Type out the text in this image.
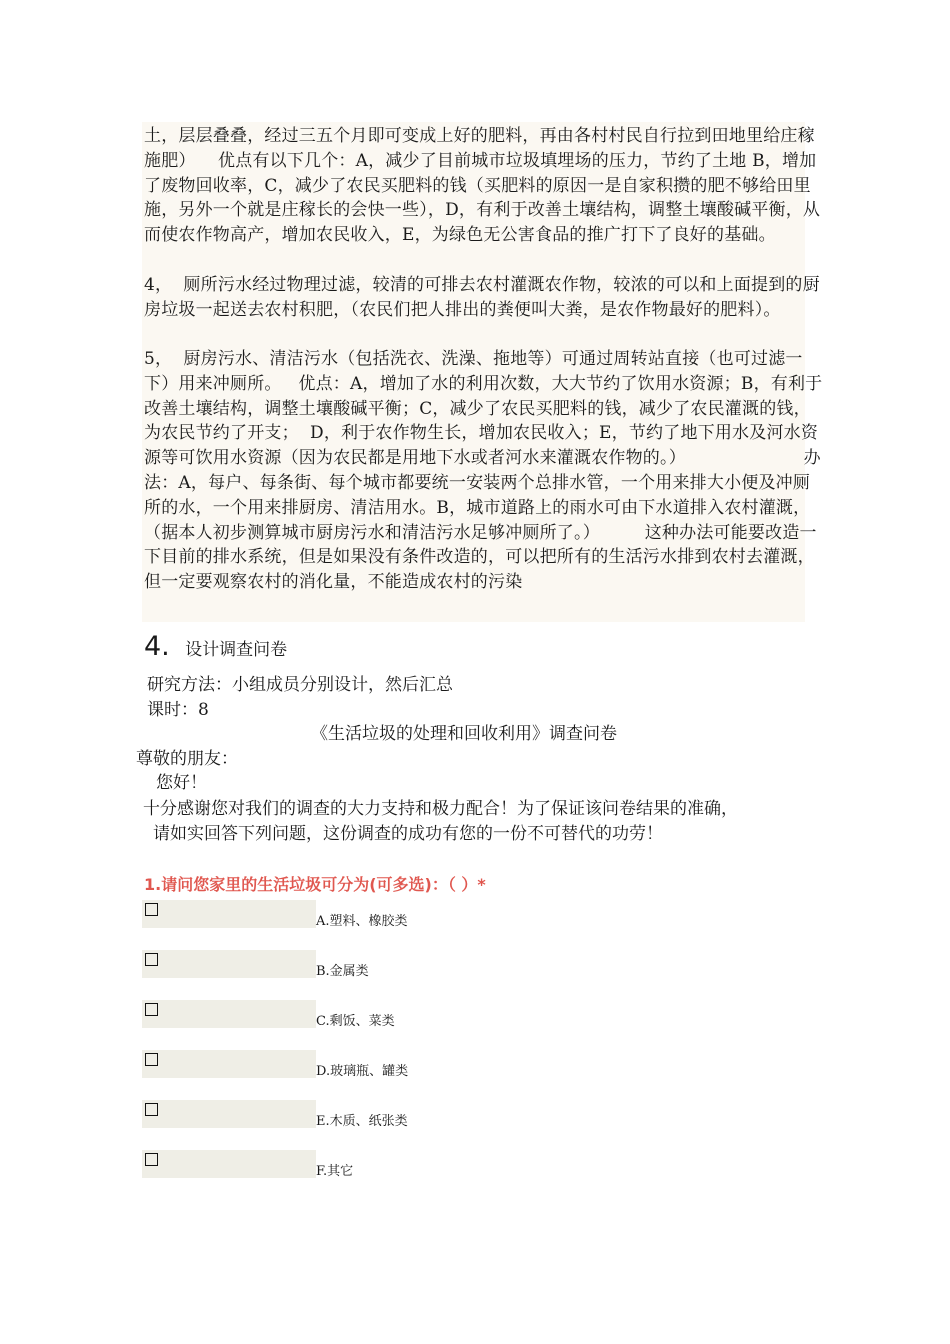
土，层层叠叠，经过三五个月即可变成上好的肥料，再由各村村民自行拉到田地里给庄稼施肥）    优点有以下几个：A，减少了目前城市垃圾填埋场的压力，节约了土地 B，增加了废物回收率，C，减少了农民买肥料的钱（买肥料的原因一是自家积攒的肥不够给田里施，另外一个就是庄稼长的会快一些），D，有利于改善土壤结构，调整土壤酸碱平衡，从而使农作物高产，增加农民收入，E，为绿色无公害食品的推广打下了良好的基础。
4，  厕所污水经过物理过滤，较清的可排去农村灌溉农作物，较浓的可以和上面提到的厨房垃圾一起送去农村积肥，（农民们把人排出的粪便叫大粪，是农作物最好的肥料）。
5，  厨房污水、清洁污水（包括洗衣、洗澡、拖地等）可通过周转站直接（也可过滤一下）用来冲厕所。   优点：A，增加了水的利用次数，大大节约了饮用水资源；B，有利于改善土壤结构，调整土壤酸碱平衡；C，减少了农民买肥料的钱，减少了农民灌溉的钱，为农民节约了开支；  D，利于农作物生长，增加农民收入；E，节约了地下用水及河水资源等可饮用水资源（因为农民都是用地下水或者河水来灌溉农作物的。）                     办法：A，每户、每条街、每个城市都要统一安装两个总排水管，一个用来排大小便及冲厕所的水，一个用来排厨房、清洁用水。B，城市道路上的雨水可由下水道排入农村灌溉，（据本人初步测算城市厨房污水和清洁污水足够冲厕所了。）        这种办法可能要改造一下目前的排水系统，但是如果没有条件改造的，可以把所有的生活污水排到农村去灌溉，但一定要观察农村的消化量，不能造成农村的污染
4. 设计调查问卷
研究方法：小组成员分别设计，然后汇总
课时：8
《生活垃圾的处理和回收利用》调查问卷
尊敬的朋友：
您好！
十分感谢您对我们的调查的大力支持和极力配合！为了保证该问卷结果的准确，
请如实回答下列问题，这份调查的成功有您的一份不可替代的功劳！
1.请问您家里的生活垃圾可分为(可多选)：（ ）*
A.塑料、橡胶类
B.金属类
C.剩饭、菜类
D.玻璃瓶、罐类
E.木质、纸张类
F.其它
